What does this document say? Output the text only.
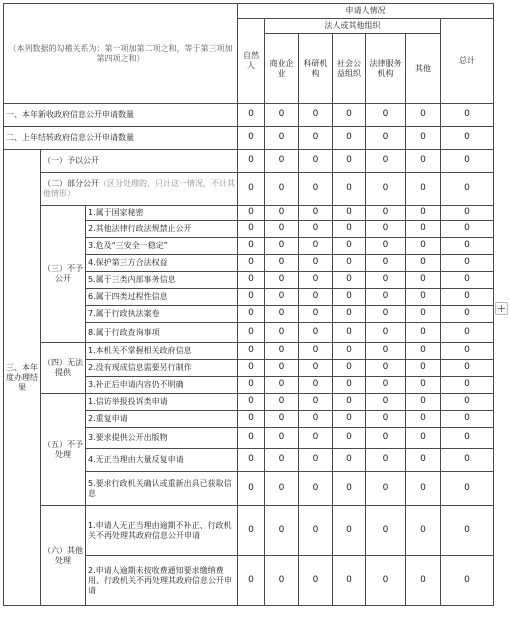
（本列数据的勾稽关系为：第一项加第二项之和，等于第三项加第四项之和）			申请人情况						
			自然人	法人或其他组织					总计
				商业企业	科研机构	社会公益组织	法律服务机构	其他	
一、本年新收政府信息公开申请数量			0	0	0	0	0	0	0
二、上年结转政府信息公开申请数量			0	0	0	0	0	0	0
三、本年度办理结果	（一）予以公开		0	0	0	0	0	0	0
	（二）部分公开（区分处理的，只计这一情况，不计其他情形）		0	0	0	0	0	0	0
	（三）不予公开	1.属于国家秘密	0	0	0	0	0	0	0
		2.其他法律行政法规禁止公开	0	0	0	0	0	0	0
		3.危及“三安全一稳定”	0	0	0	0	0	0	0
		4.保护第三方合法权益	0	0	0	0	0	0	0
		5.属于三类内部事务信息	0	0	0	0	0	0	0
		6.属于四类过程性信息	0	0	0	0	0	0	0
		7.属于行政执法案卷	0	0	0	0	0	0	0
		8.属于行政查询事项	0	0	0	0	0	0	0
	（四）无法提供	1.本机关不掌握相关政府信息	0	0	0	0	0	0	0
		2.没有现成信息需要另行制作	0	0	0	0	0	0	0
		3.补正后申请内容仍不明确	0	0	0	0	0	0	0
	（五）不予处理	1.信访举报投诉类申请	0	0	0	0	0	0	0
		2.重复申请	0	0	0	0	0	0	0
		3.要求提供公开出版物	0	0	0	0	0	0	0
		4.无正当理由大量反复申请	0	0	0	0	0	0	0
		5.要求行政机关确认或重新出具已获取信息	0	0	0	0	0	0	0
	（六）其他处理	1.申请人无正当理由逾期不补正、行政机关不再处理其政府信息公开申请	0	0	0	0	0	0	0
		2.申请人逾期未按收费通知要求缴纳费用、行政机关不再处理其政府信息公开申请	0	0	0	0	0	0	0
+
